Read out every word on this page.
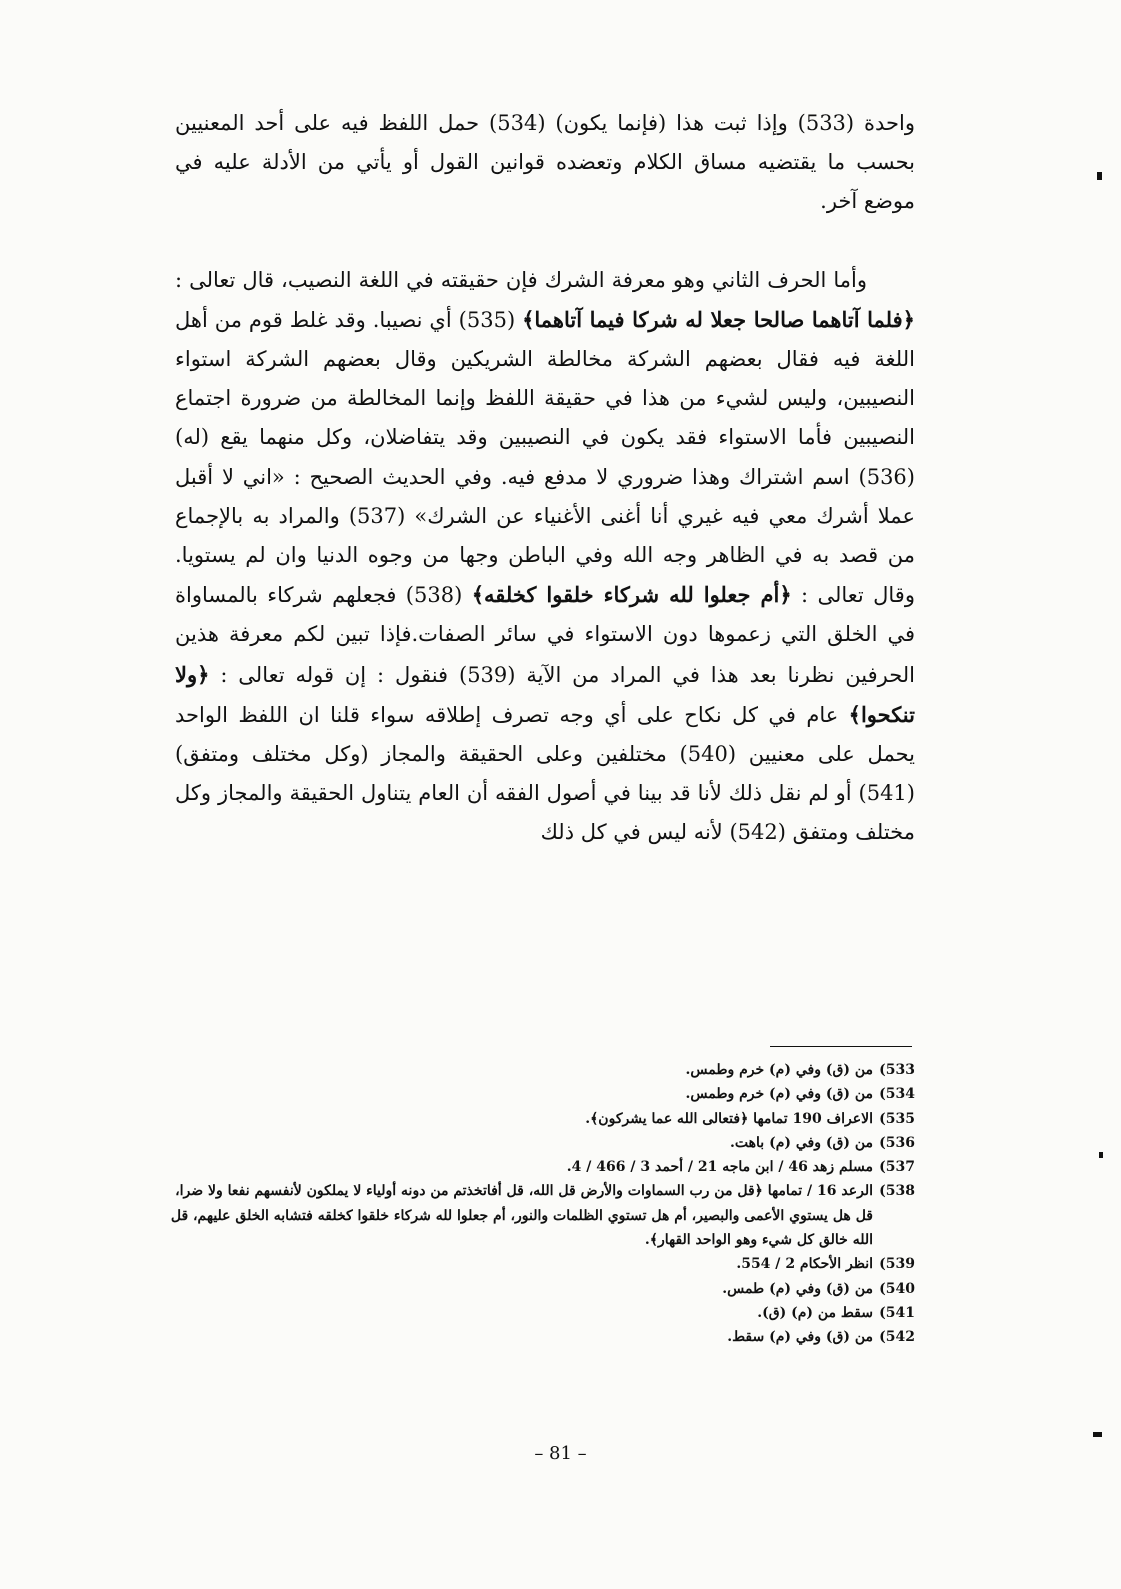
واحدة (533) وإذا ثبت هذا (فإنما يكون) (534) حمل اللفظ فيه على أحد المعنيين بحسب ما يقتضيه مساق الكلام وتعضده قوانين القول أو يأتي من الأدلة عليه في موضع آخر.

وأما الحرف الثاني وهو معرفة الشرك فإن حقيقته في اللغة النصيب، قال تعالى : ﴿فلما آتاهما صالحا جعلا له شركا فيما آتاهما﴾ (535) أي نصيبا. وقد غلط قوم من أهل اللغة فيه فقال بعضهم الشركة مخالطة الشريكين وقال بعضهم الشركة استواء النصيبين، وليس لشيء من هذا في حقيقة اللفظ وإنما المخالطة من ضرورة اجتماع النصيبين فأما الاستواء فقد يكون في النصيبين وقد يتفاضلان، وكل منهما يقع (له) (536) اسم اشتراك وهذا ضروري لا مدفع فيه. وفي الحديث الصحيح : «اني لا أقبل عملا أشرك معي فيه غيري أنا أغنى الأغنياء عن الشرك» (537) والمراد به بالإجماع من قصد به في الظاهر وجه الله وفي الباطن وجها من وجوه الدنيا وان لم يستويا. وقال تعالى : ﴿أم جعلوا لله شركاء خلقوا كخلقه﴾ (538) فجعلهم شركاء بالمساواة في الخلق التي زعموها دون الاستواء في سائر الصفات.فإذا تبين لكم معرفة هذين الحرفين نظرنا بعد هذا في المراد من الآية (539) فنقول : إن قوله تعالى : ﴿ولا تنكحوا﴾ عام في كل نكاح على أي وجه تصرف إطلاقه سواء قلنا ان اللفظ الواحد يحمل على معنيين (540) مختلفين وعلى الحقيقة والمجاز (وكل مختلف ومتفق) (541) أو لم نقل ذلك لأنا قد بينا في أصول الفقه أن العام يتناول الحقيقة والمجاز وكل مختلف ومتفق (542) لأنه ليس في كل ذلك

533)
من (ق) وفي (م) خرم وطمس.
534)
من (ق) وفي (م) خرم وطمس.
535)
الاعراف 190 تمامها ﴿فتعالى الله عما يشركون﴾.
536)
من (ق) وفي (م) باهت.
537)
مسلم زهد 46 / ابن ماجه 21 / أحمد 3 / 466 / 4.
538)
الرعد 16 / تمامها ﴿قل من رب السماوات والأرض قل الله، قل أفاتخذتم من دونه أولياء لا يملكون لأنفسهم نفعا ولا ضرا، قل هل يستوي الأعمى والبصير، أم هل تستوي الظلمات والنور، أم جعلوا لله شركاء خلقوا كخلقه فتشابه الخلق عليهم، قل الله خالق كل شيء وهو الواحد القهار﴾.
539)
انظر الأحكام 2 / 554.
540)
من (ق) وفي (م) طمس.
541)
سقط من (م) (ق).
542)
من (ق) وفي (م) سقط.
– 81 –
